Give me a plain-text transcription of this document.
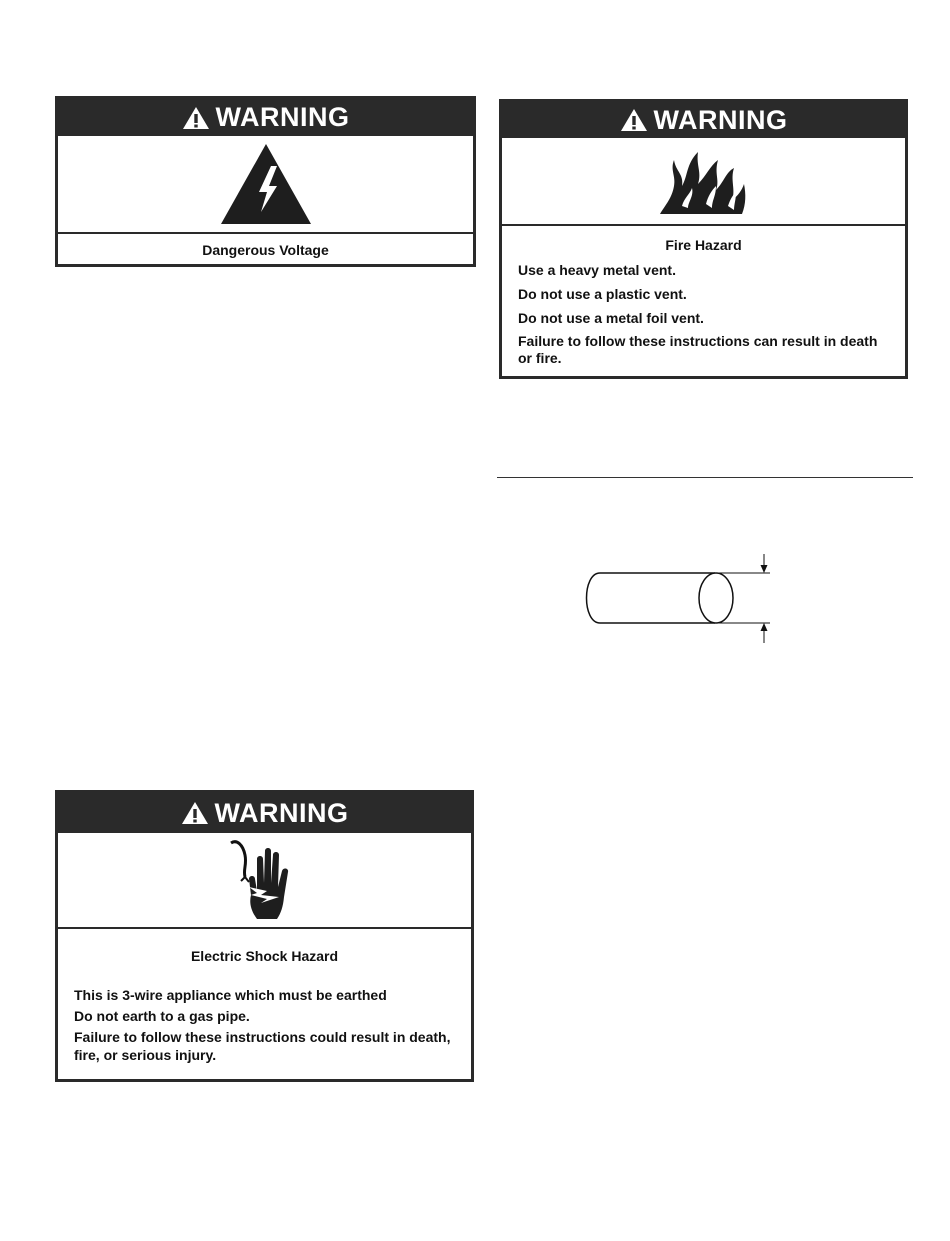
WARNING
Dangerous Voltage
WARNING
Fire Hazard
Use a heavy metal vent.
Do not use a plastic vent.
Do not use a metal foil vent.
Failure to follow these instructions can result in death or fire.
WARNING
Electric Shock Hazard
This is 3-wire appliance which must be earthed
Do not earth to a gas pipe.
Failure to follow these instructions could result in death, fire, or serious injury.
